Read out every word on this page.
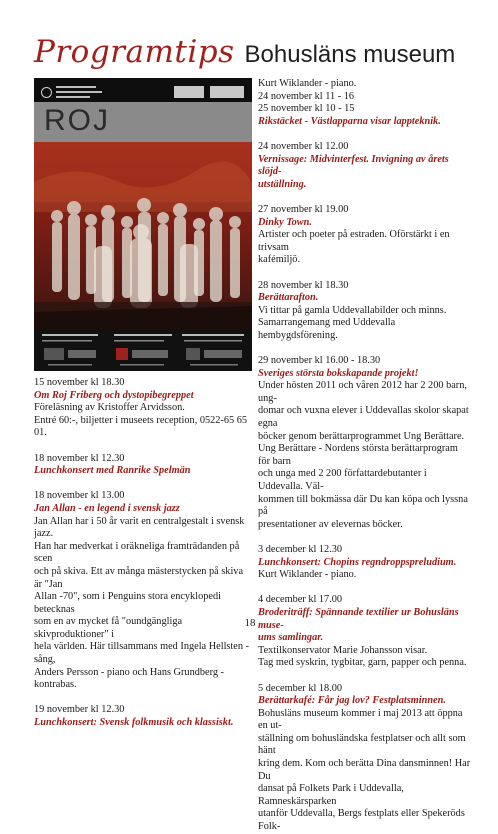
Programtips Bohusläns museum
ROJ

15 november kl 18.30

Om Roj Friberg och dystopibegreppet

Föreläsning av Kristoffer Arvidsson.

Entré 60:-, biljetter i museets reception, 0522-65 65 01.

18 november kl 12.30

Lunchkonsert med Ranrike Spelmän

18 november kl 13.00

Jan Allan - en legend i svensk jazz

Jan Allan har i 50 år varit en centralgestalt i svensk jazz.

Han har medverkat i oräkneliga framträdanden på scen

och på skiva. Ett av många mästerstycken på skiva är "Jan

Allan -70", som i Penguins stora encyklopedi betecknas

som en av mycket få "oundgängliga skivproduktioner" i

hela världen. Här tillsammans med Ingela Hellsten - sång,

Anders Persson - piano och Hans Grundberg - kontrabas.

19 november kl 12.30

Lunchkonsert: Svensk folkmusik och klassiskt.

Kurt Wiklander - piano.

24 november kl 11 - 16

25 november kl 10 - 15

Rikstäcket - Västlapparna visar lappteknik.

24 november kl 12.00

Vernissage: Midvinterfest. Invigning av årets slöjd-

utställning.

27 november kl 19.00

Dinky Town.

Artister och poeter på estraden. Oförstärkt i en trivsam

kafémiljö.

28 november kl 18.30

Berättarafton.

Vi tittar på gamla Uddevallabilder och minns.

Samarrangemang med Uddevalla hembygdsförening.

29 november kl 16.00 - 18.30

Sveriges största bokskapande projekt!

Under hösten 2011 och våren 2012 har 2 200 barn, ung-

domar och vuxna elever i Uddevallas skolor skapat egna

böcker genom berättarprogrammet Ung Berättare.

Ung Berättare - Nordens största berättarprogram för barn

och unga med 2 200 författardebutanter i Uddevalla. Väl-

kommen till bokmässa där Du kan köpa och lyssna på

presentationer av elevernas böcker.

3 december kl 12.30

Lunchkonsert: Chopins regndroppspreludium.

Kurt Wiklander - piano.

4 december kl 17.00

Broderiträff: Spännande textilier ur Bohusläns muse-

ums samlingar.

Textilkonservator Marie Johansson visar.

Tag med syskrin, tygbitar, garn, papper och penna.

5 december kl 18.00

Berättarkafé: Får jag lov? Festplatsminnen.

Bohusläns museum kommer i maj 2013 att öppna en ut-

ställning om bohusländska festplatser och allt som hänt

kring dem. Kom och berätta Dina dansminnen! Har Du

dansat på Folkets Park i Uddevalla, Ramneskärsparken

utanför Uddevalla, Bergs festplats eller Spekeröds Folk-

18
